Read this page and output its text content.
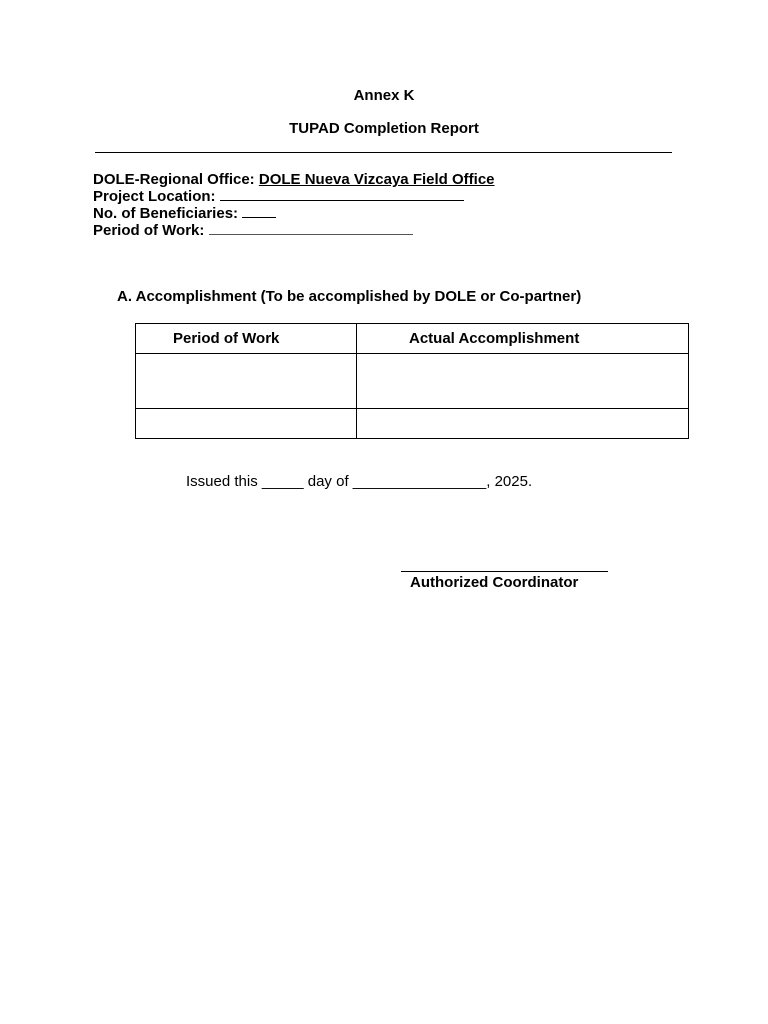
Annex K
TUPAD Completion Report
DOLE-Regional Office: DOLE Nueva Vizcaya Field Office
Project Location:
No. of Beneficiaries:
Period of Work:
A. Accomplishment (To be accomplished by DOLE or Co-partner)
Period of Work	Actual Accomplishment

Issued this _____ day of ________________, 2025.
Authorized Coordinator
